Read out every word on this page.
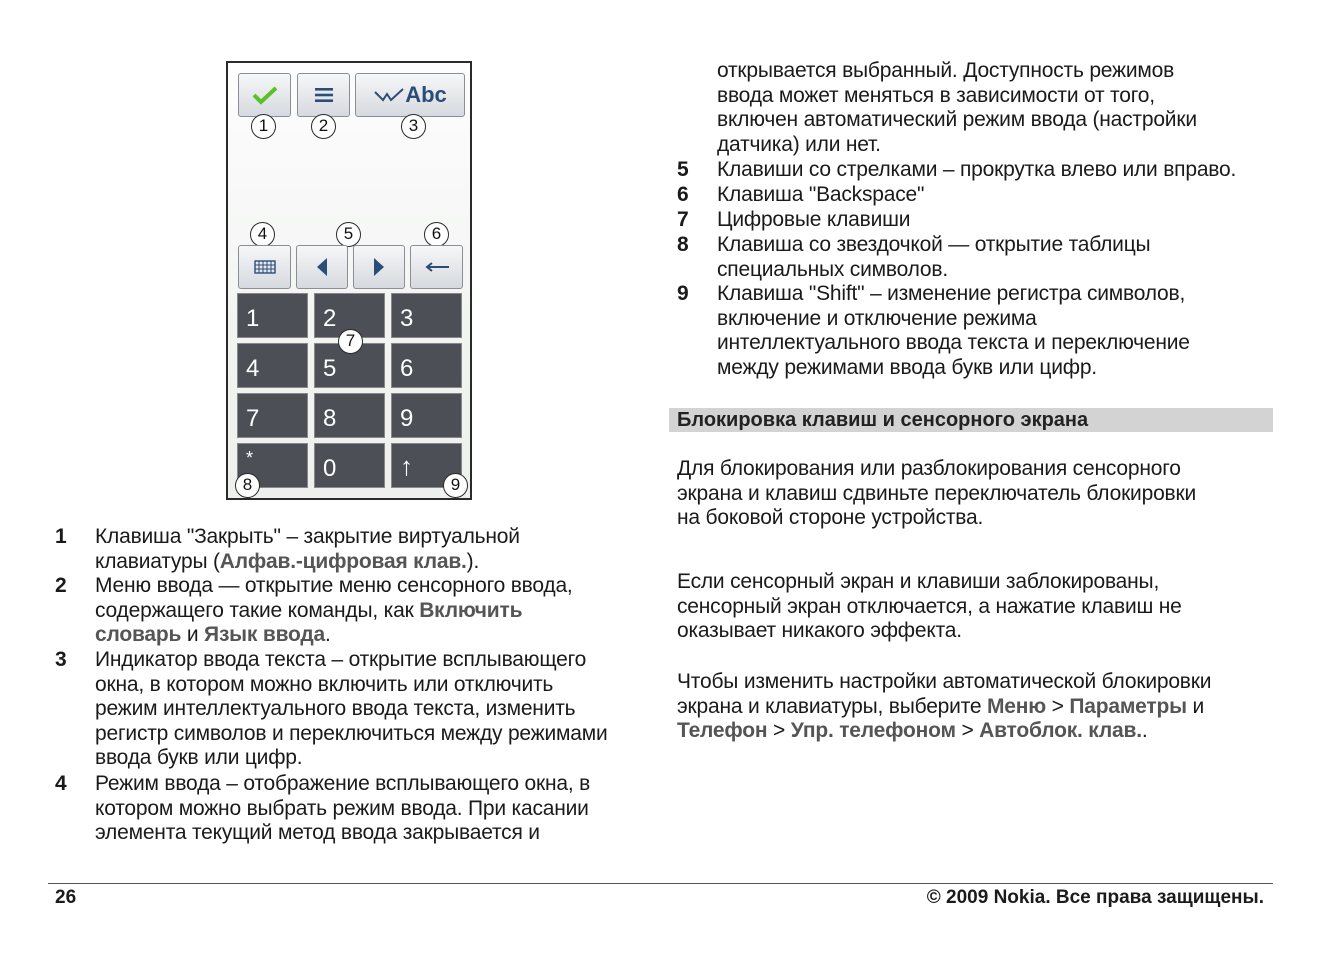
Abc
1	2	3
4	5	6
1	2	3
4	5	6
7	8	9
*	0	↑
7
8	9
1 Клавиша "Закрыть" – закрытие виртуальной
клавиатуры (Алфав.-цифровая клав.).
2 Меню ввода — открытие меню сенсорного ввода,
содержащего такие команды, как Включить
словарь и Язык ввода.
3 Индикатор ввода текста – открытие всплывающего
окна, в котором можно включить или отключить
режим интеллектуального ввода текста, изменить
регистр символов и переключиться между режимами
ввода букв или цифр.
4 Режим ввода – отображение всплывающего окна, в
котором можно выбрать режим ввода. При касании
элемента текущий метод ввода закрывается и
открывается выбранный. Доступность режимов
ввода может меняться в зависимости от того,
включен автоматический режим ввода (настройки
датчика) или нет.
5 Клавиши со стрелками – прокрутка влево или вправо.
6 Клавиша "Backspace"
7 Цифровые клавиши
8 Клавиша со звездочкой — открытие таблицы
специальных символов.
9 Клавиша "Shift" – изменение регистра символов,
включение и отключение режима
интеллектуального ввода текста и переключение
между режимами ввода букв или цифр.
Блокировка клавиш и сенсорного экрана
Для блокирования или разблокирования сенсорного
экрана и клавиш сдвиньте переключатель блокировки
на боковой стороне устройства.
Если сенсорный экран и клавиши заблокированы,
сенсорный экран отключается, а нажатие клавиш не
оказывает никакого эффекта.
Чтобы изменить настройки автоматической блокировки
экрана и клавиатуры, выберите Меню > Параметры и
Телефон > Упр. телефоном > Автоблок. клав..
26	© 2009 Nokia. Все права защищены.
